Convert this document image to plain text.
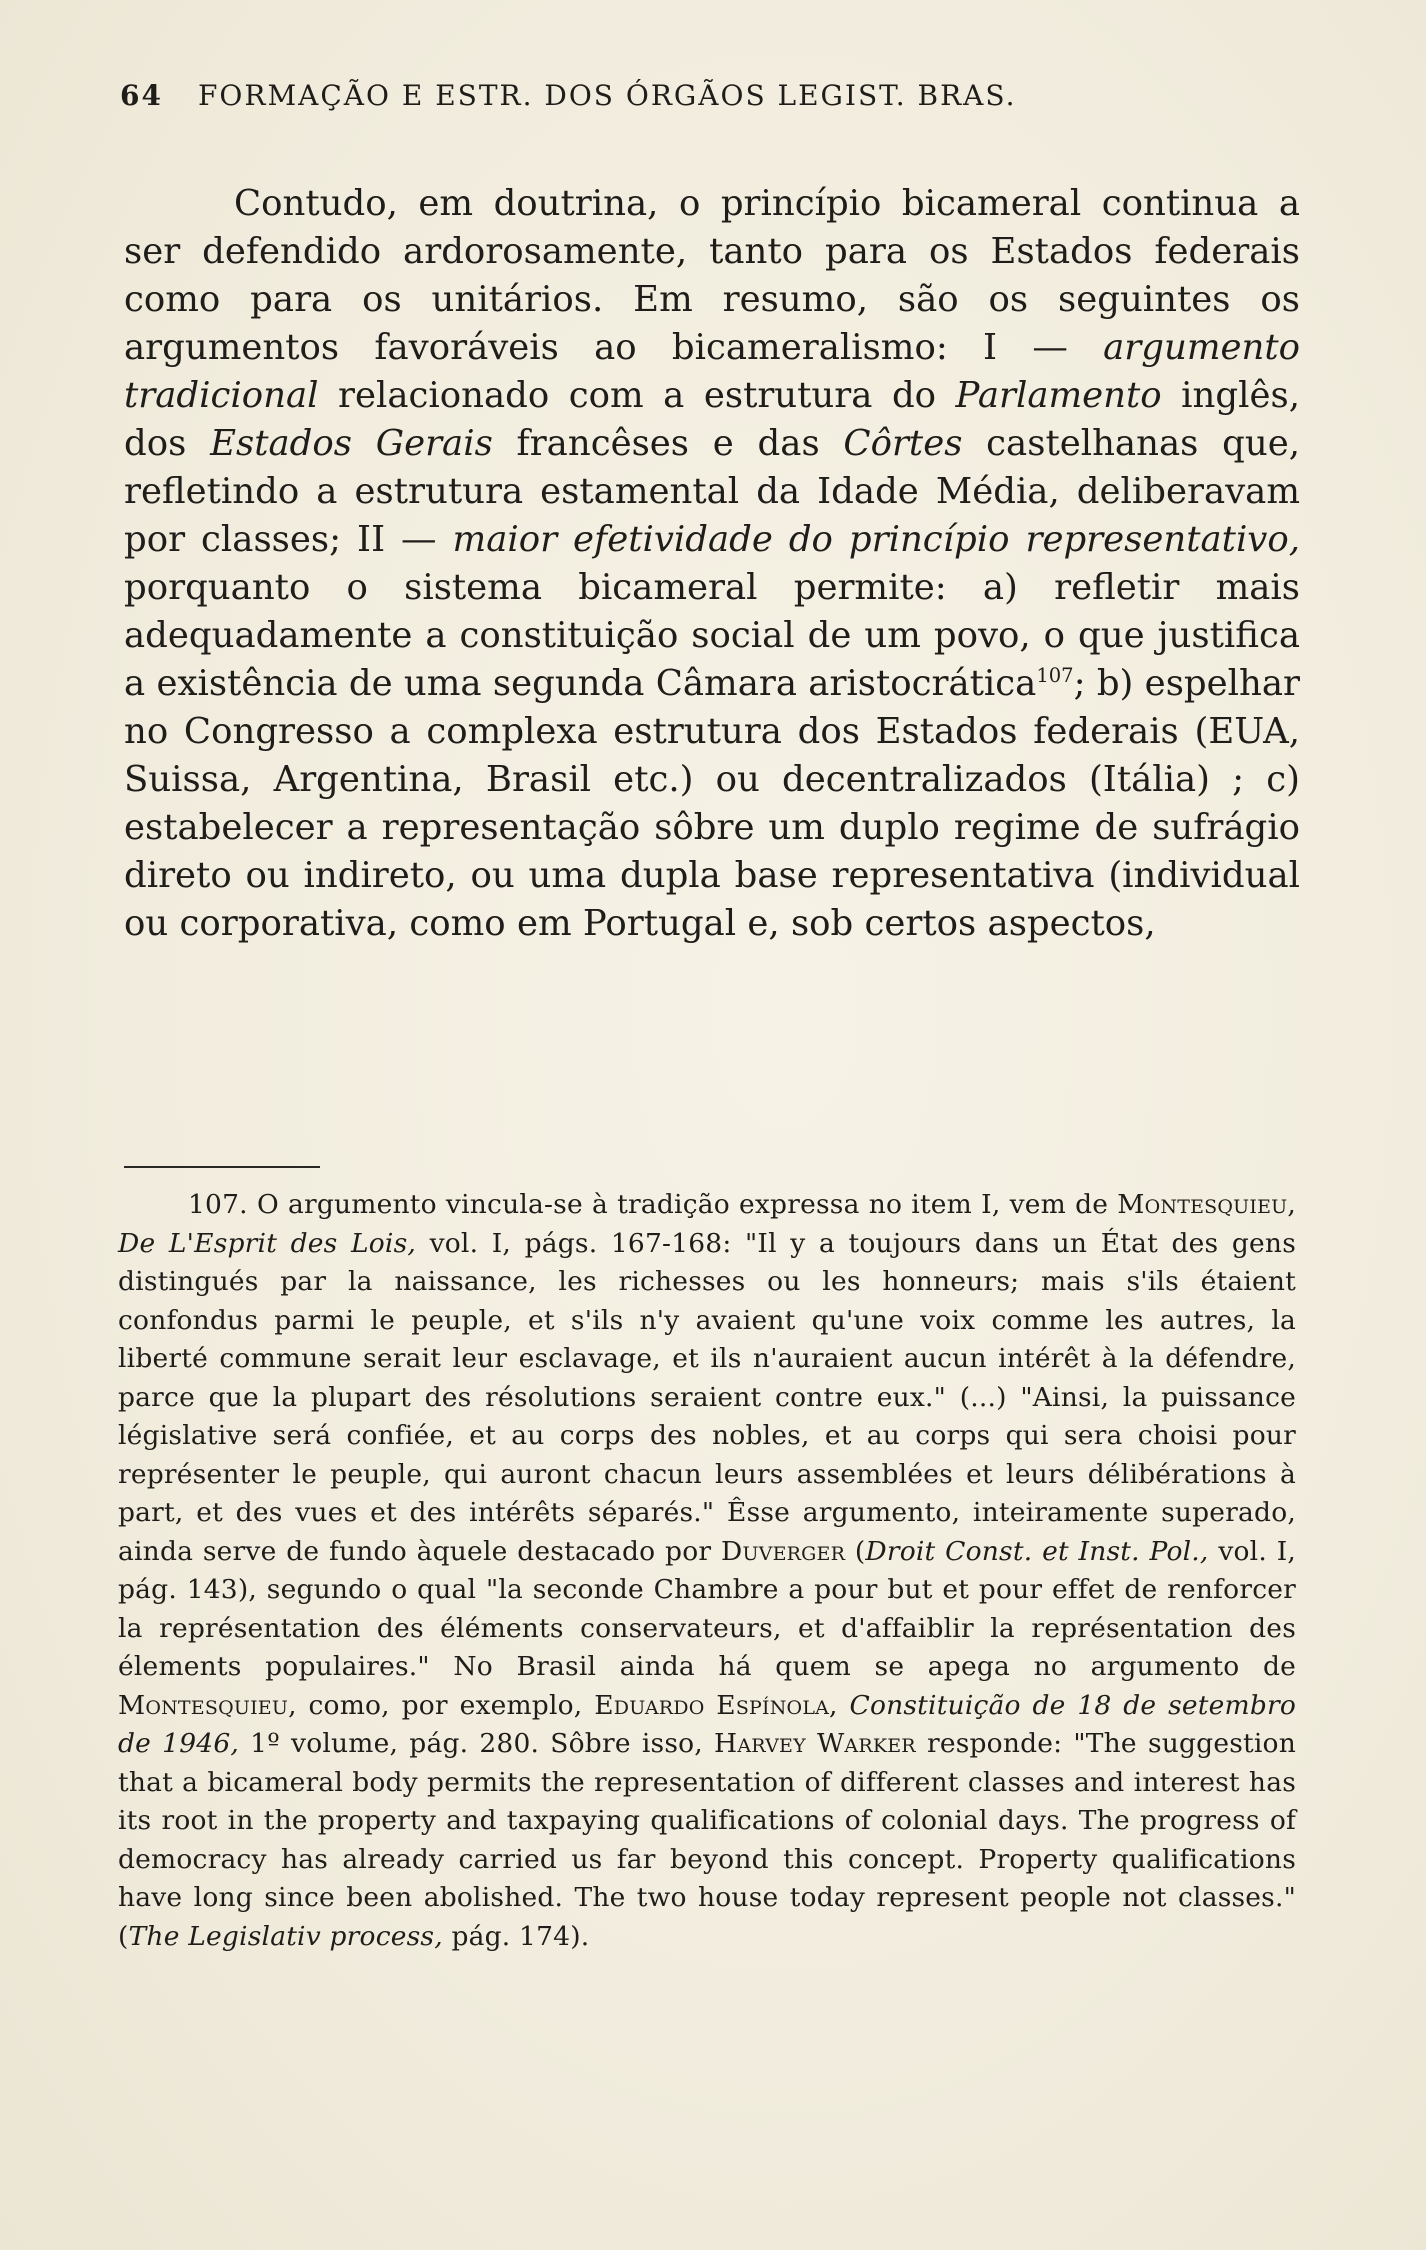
64 FORMAÇÃO E ESTR. DOS ÓRGÃOS LEGIST. BRAS.

Contudo, em doutrina, o princípio bicameral continua a ser defendido ardorosamente, tanto para os Estados federais como para os unitários. Em resumo, são os seguintes os argumentos favoráveis ao bicameralismo: I — argumento tradicional relacionado com a estrutura do Parlamento inglês, dos Estados Gerais francêses e das Côrtes castelhanas que, refletindo a estrutura estamental da Idade Média, deliberavam por classes; II — maior efetividade do princípio representativo, porquanto o sistema bicameral permite: a) refletir mais adequadamente a constituição social de um povo, o que justifica a existência de uma segunda Câmara aristocrática$^{107}$; b) espelhar no Congresso a complexa estrutura dos Estados federais (EUA, Suissa, Argentina, Brasil etc.) ou decentralizados (Itália) ; c) estabelecer a representação sôbre um duplo regime de sufrágio direto ou indireto, ou uma dupla base representativa (individual ou corporativa, como em Portugal e, sob certos aspectos,

107. O argumento vincula-se à tradição expressa no item I, vem de Montesquieu, De L'Esprit des Lois, vol. I, págs. 167-168: "Il y a toujours dans un État des gens distingués par la naissance, les richesses ou les honneurs; mais s'ils étaient confondus parmi le peuple, et s'ils n'y avaient qu'une voix comme les autres, la liberté commune serait leur esclavage, et ils n'auraient aucun intérêt à la défendre, parce que la plupart des résolutions seraient contre eux." (...) "Ainsi, la puissance législative será confiée, et au corps des nobles, et au corps qui sera choisi pour représenter le peuple, qui auront chacun leurs assemblées et leurs délibérations à part, et des vues et des intérêts séparés." Êsse argumento, inteiramente superado, ainda serve de fundo àquele destacado por Duverger (Droit Const. et Inst. Pol., vol. I, pág. 143), segundo o qual "la seconde Chambre a pour but et pour effet de renforcer la représentation des éléments conservateurs, et d'affaiblir la représentation des élements populaires." No Brasil ainda há quem se apega no argumento de Montesquieu, como, por exemplo, Eduardo Espínola, Constituição de 18 de setembro de 1946, 1º volume, pág. 280. Sôbre isso, Harvey Warker responde: "The suggestion that a bicameral body permits the representation of different classes and interest has its root in the property and taxpaying qualifications of colonial days. The progress of democracy has already carried us far beyond this concept. Property qualifications have long since been abolished. The two house today represent people not classes." (The Legislativ process, pág. 174).
